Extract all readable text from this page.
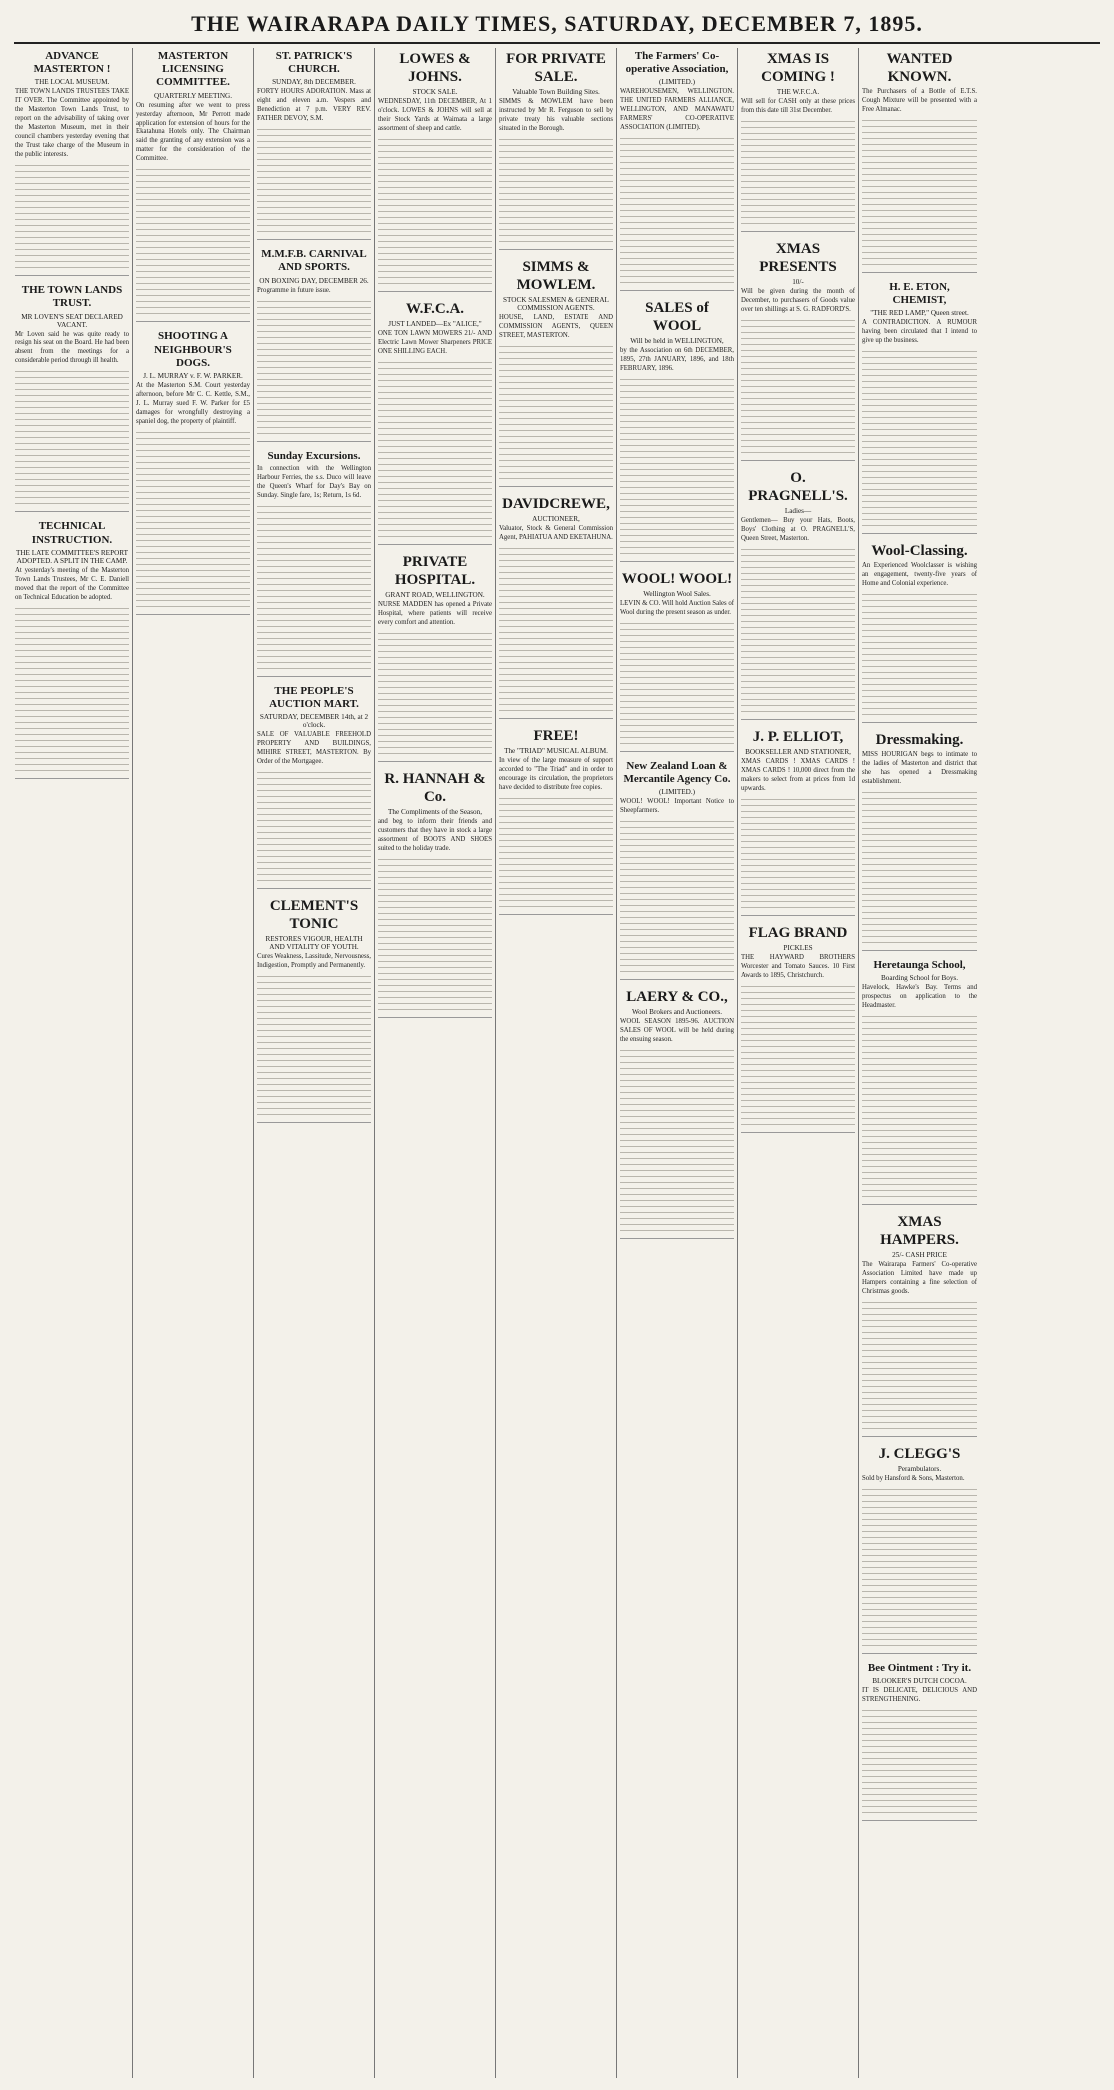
THE WAIRARAPA DAILY TIMES, SATURDAY, DECEMBER 7, 1895.
ADVANCE MASTERTON !
THE LOCAL MUSEUM.
THE TOWN LANDS TRUSTEES TAKE IT OVER. The Committee appointed by the Masterton Town Lands Trust, to report on the advisability of taking over the Masterton Museum, met in their council chambers yesterday evening that the Trust take charge of the Museum in the public interests.
THE TOWN LANDS TRUST.
MR LOVEN'S SEAT DECLARED VACANT.
Mr Loven said he was quite ready to resign his seat on the Board. He had been absent from the meetings for a considerable period through ill health.
TECHNICAL INSTRUCTION.
THE LATE COMMITTEE'S REPORT ADOPTED. A SPLIT IN THE CAMP.
At yesterday's meeting of the Masterton Town Lands Trustees, Mr C. E. Daniell moved that the report of the Committee on Technical Education be adopted.
MASTERTON LICENSING COMMITTEE.
QUARTERLY MEETING.
On resuming after we went to press yesterday afternoon, Mr Perrott made application for extension of hours for the Ekatahuna Hotels only. The Chairman said the granting of any extension was a matter for the consideration of the Committee.
SHOOTING A NEIGHBOUR'S DOGS.
J. L. MURRAY v. F. W. PARKER.
At the Masterton S.M. Court yesterday afternoon, before Mr C. C. Kettle, S.M., J. L. Murray sued F. W. Parker for £5 damages for wrongfully destroying a spaniel dog, the property of plaintiff.
ST. PATRICK'S CHURCH.
SUNDAY, 8th DECEMBER.
FORTY HOURS ADORATION. Mass at eight and eleven a.m. Vespers and Benediction at 7 p.m. VERY REV. FATHER DEVOY, S.M.
M.M.F.B. CARNIVAL AND SPORTS.
ON BOXING DAY, DECEMBER 26.
Programme in future issue.
Sunday Excursions.
In connection with the Wellington Harbour Ferries, the s.s. Duco will leave the Queen's Wharf for Day's Bay on Sunday. Single fare, 1s; Return, 1s 6d.
THE PEOPLE'S AUCTION MART.
SATURDAY, DECEMBER 14th, at 2 o'clock.
SALE OF VALUABLE FREEHOLD PROPERTY AND BUILDINGS, MIHIRE STREET, MASTERTON. By Order of the Mortgagee.
CLEMENT'S TONIC
RESTORES VIGOUR, HEALTH AND VITALITY OF YOUTH.
Cures Weakness, Lassitude, Nervousness, Indigestion, Promptly and Permanently.
LOWES & JOHNS.
STOCK SALE.
WEDNESDAY, 11th DECEMBER, At 1 o'clock. LOWES & JOHNS will sell at their Stock Yards at Waimata a large assortment of sheep and cattle.
W.F.C.A.
JUST LANDED—Ex "ALICE,"
ONE TON LAWN MOWERS 21/- AND Electric Lawn Mower Sharpeners PRICE ONE SHILLING EACH.
PRIVATE HOSPITAL.
GRANT ROAD, WELLINGTON.
NURSE MADDEN has opened a Private Hospital, where patients will receive every comfort and attention.
R. HANNAH & Co.
The Compliments of the Season,
and beg to inform their friends and customers that they have in stock a large assortment of BOOTS AND SHOES suited to the holiday trade.
FOR PRIVATE SALE.
Valuable Town Building Sites.
SIMMS & MOWLEM have been instructed by Mr R. Ferguson to sell by private treaty his valuable sections situated in the Borough.
SIMMS & MOWLEM.
STOCK SALESMEN & GENERAL COMMISSION AGENTS.
HOUSE, LAND, ESTATE AND COMMISSION AGENTS, QUEEN STREET, MASTERTON.
DAVIDCREWE,
AUCTIONEER,
Valuator, Stock & General Commission Agent, PAHIATUA AND EKETAHUNA.
FREE!
The "TRIAD" MUSICAL ALBUM.
In view of the large measure of support accorded to "The Triad" and in order to encourage its circulation, the proprietors have decided to distribute free copies.
The Farmers' Co-operative Association,
(LIMITED.)
WAREHOUSEMEN, WELLINGTON. THE UNITED FARMERS ALLIANCE, WELLINGTON, AND MANAWATU FARMERS' CO-OPERATIVE ASSOCIATION (LIMITED).
SALES of WOOL
Will be held in WELLINGTON,
by the Association on 6th DECEMBER, 1895, 27th JANUARY, 1896, and 18th FEBRUARY, 1896.
WOOL! WOOL!
Wellington Wool Sales.
LEVIN & CO. Will hold Auction Sales of Wool during the present season as under.
New Zealand Loan & Mercantile Agency Co.
(LIMITED.)
WOOL! WOOL! Important Notice to Sheepfarmers.
LAERY & CO.,
Wool Brokers and Auctioneers.
WOOL SEASON 1895-96. AUCTION SALES OF WOOL will be held during the ensuing season.
XMAS IS COMING !
THE W.F.C.A.
Will sell for CASH only at these prices from this date till 31st December.
XMAS PRESENTS
10/-
Will be given during the month of December, to purchasers of Goods value over ten shillings at S. G. RADFORD'S.
O. PRAGNELL'S.
Ladies—
Gentlemen— Buy your Hats, Boots, Boys' Clothing at O. PRAGNELL'S, Queen Street, Masterton.
J. P. ELLIOT,
BOOKSELLER AND STATIONER,
XMAS CARDS ! XMAS CARDS ! XMAS CARDS ! 10,000 direct from the makers to select from at prices from 1d upwards.
FLAG BRAND
PICKLES
THE HAYWARD BROTHERS Worcester and Tomato Sauces. 10 First Awards to 1895, Christchurch.
WANTED KNOWN.
The Purchasers of a Bottle of E.T.S. Cough Mixture will be presented with a Free Almanac.
H. E. ETON, CHEMIST,
"THE RED LAMP," Queen street.
A CONTRADICTION. A RUMOUR having been circulated that I intend to give up the business.
Wool-Classing.
An Experienced Woolclasser is wishing an engagement, twenty-five years of Home and Colonial experience.
Dressmaking.
MISS HOURIGAN begs to intimate to the ladies of Masterton and district that she has opened a Dressmaking establishment.
Heretaunga School,
Boarding School for Boys.
Havelock, Hawke's Bay. Terms and prospectus on application to the Headmaster.
XMAS HAMPERS.
25/- CASH PRICE
The Wairarapa Farmers' Co-operative Association Limited have made up Hampers containing a fine selection of Christmas goods.
J. CLEGG'S
Perambulators.
Sold by Hansford & Sons, Masterton.
Bee Ointment : Try it.
BLOOKER'S DUTCH COCOA.
IT IS DELICATE, DELICIOUS AND STRENGTHENING.
